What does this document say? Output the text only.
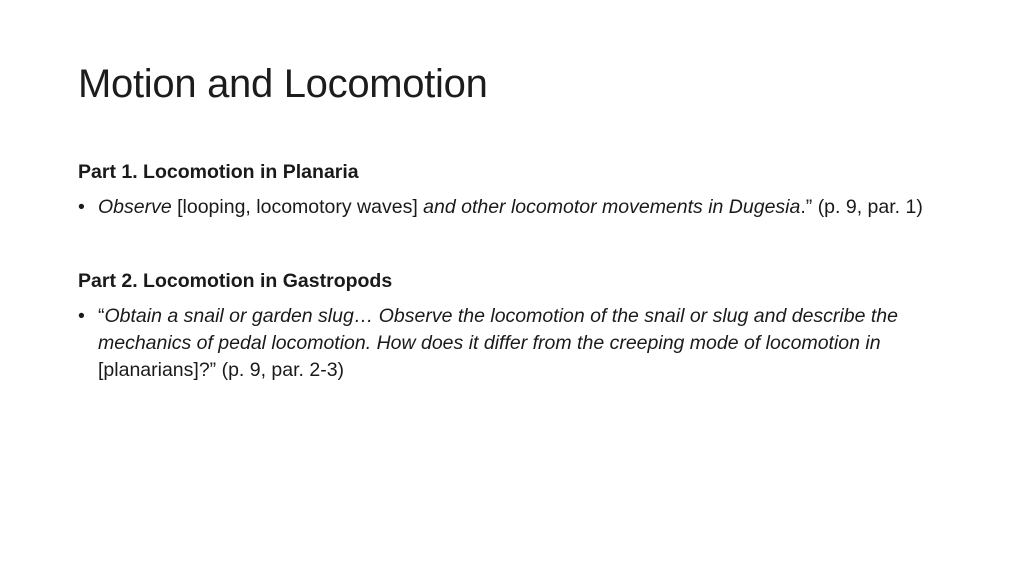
Motion and Locomotion

Part 1. Locomotion in Planaria

• Observe [looping, locomotory waves] and other locomotor movements in Dugesia.” (p. 9, par. 1)

Part 2. Locomotion in Gastropods

• “Obtain a snail or garden slug… Observe the locomotion of the snail or slug and describe the mechanics of pedal locomotion. How does it differ from the creeping mode of locomotion in [planarians]?” (p. 9, par. 2-3)
